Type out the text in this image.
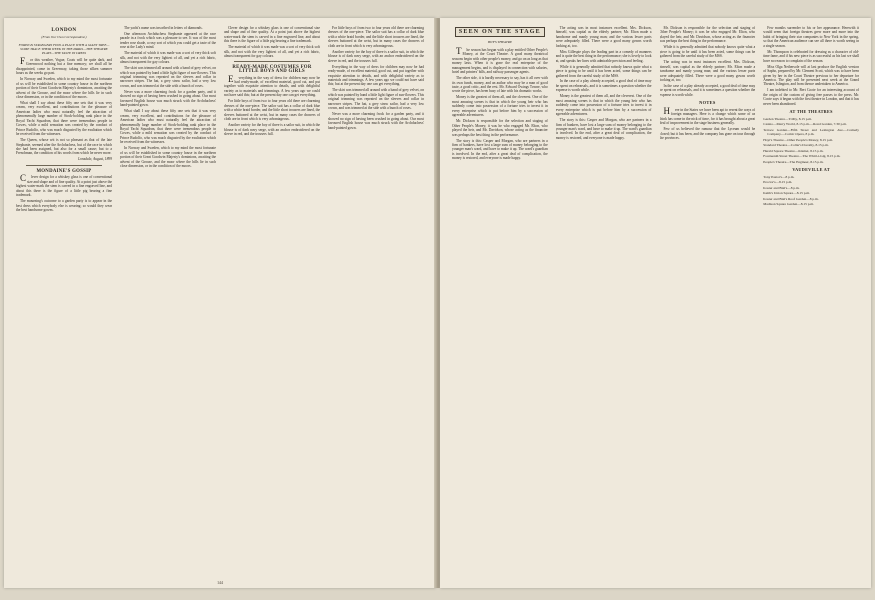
LONDON
(From Our Own Correspondent.)
FOREIGN STRANGERS FIND A PLACE WITH A GIANT TREE—SOME TRACE THEIR WEEK IN THE PARKS—THE THEATRE PLAYS—THE TASTE IN DRESS

For this weather, Vogue, Coats will be quite dark, and Greenwood nothing but a fine memory; we shall all be disappointed, come in Greenway, taking those silken summer hours as the weeks go past.

In Norway and Sweden, which to my mind the most fortunate of us will be established in some country house in the northern portion of their Great Goodwin Majesty's dominions, awaiting the advent of the Grouse, and the moor where the hills lie in such close dimension, or in the condition of the moors.

What shall I say about these fifty one sets that it was very cream, very excellent, and contributions for the pleasure of American ladies who must naturally feel the attraction of phenomenally large number of Stock-holding rank place in the Royal Yacht Squadron, that there were tremendous people in Cowes, while a mild sensation was created by the conduct of Prince Rudolfo, who was much disgusted by the exultation which he received from the witnesses.

The Queen, whose wit is not so pleasant as that of the late Stephanie, seemed after the Archduchess, but of the race in which she had been assigned, but also for a small cause; but to a Frenchman, the condition of his words from which he never more.

Lonsdale, August, 1899
MONDAINE'S GOSSIP

Clever design for a whiskey glass is one of conventional size and shape and of fine quality. At a point just above the highest water-mark the stem is carved in a fine engraved line, and about this there is the figure of a little pig bearing a fine trademark.

The mourning's outcome to a garden party is to appear in the best dress which everybody else is wearing; so would they wear the best handsome gowns.

The yacht's name was inscribed in letters of diamonds.

One afternoon Archduchess Stephanie appeared at the race parade in a frock which was a pleasure to see. It was of the most tender rose shade, a rosy sort of which you could get a taste of the rose at the Lady's mind.

The material of which it was made was a sort of very thick soft silk, and not with the very lightest of all, and yet a rich fabric, almost transparent for gay colours.

The skirt was trimmed all around with a band of grey velvet, on which was painted by hand a little light figure of sun-flowers. This original trimming was repeated on the sleeves and collar in narrower stripes. The hat, a grey straw sailor, had a very low crown, and was trimmed at the side with a bunch of roses.

Never was a more charming frock for a garden party, and it showed no sign of having been crushed in going about. Our most favoured English house was much struck with the Archduchess' hand-painted gown.

What shall I say about these fifty one sets that it was very cream, very excellent, and contributions for the pleasure of American ladies who must naturally feel the attraction of phenomenally large number of Stock-holding rank place in the Royal Yacht Squadron, that there were tremendous people in Cowes, while a mild sensation was created by the conduct of Prince Rudolfo, who was much disgusted by the exultation which he received from the witnesses.

In Norway and Sweden, which to my mind the most fortunate of us will be established in some country house in the northern portion of their Great Goodwin Majesty's dominions, awaiting the advent of the Grouse, and the moor where the hills lie in such close dimension, or in the condition of the moors.

Clever design for a whiskey glass is one of conventional size and shape and of fine quality. At a point just above the highest water-mark the stem is carved in a fine engraved line, and about this there is the figure of a little pig bearing a fine trademark.

The material of which it was made was a sort of very thick soft silk, and not with the very lightest of all, and yet a rich fabric, almost transparent for gay colours.

READY-MADE COSTUMES FOR LITTLE BOYS AND GIRLS

Everything in the way of dress for children may now be had ready-made, of excellent material, good cut, and put together with exquisite attention to details, and with delightful variety as to materials and trimmings. A few years ago we could not have said this; but at the present day one can get everything.

For little boys of from two to four years old there are charming dresses of the one-piece. The sailor suit has a collar of dark blue with a white braid border, and the little short trousers are lined, the sleeves buttoned at the wrist, but in many cases the drawers of cloth are in front which is very advantageous.

Another variety for the boy of three is a sailor suit, in which the blouse is of dark navy serge, with an anchor embroidered on the sleeve in red, and the trousers full.

For little boys of from two to four years old there are charming dresses of the one-piece. The sailor suit has a collar of dark blue with a white braid border, and the little short trousers are lined, the sleeves buttoned at the wrist, but in many cases the drawers of cloth are in front which is very advantageous.

Another variety for the boy of three is a sailor suit, in which the blouse is of dark navy serge, with an anchor embroidered on the sleeve in red, and the trousers full.

Everything in the way of dress for children may now be had ready-made, of excellent material, good cut, and put together with exquisite attention to details, and with delightful variety as to materials and trimmings. A few years ago we could not have said this; but at the present day one can get everything.

The skirt was trimmed all around with a band of grey velvet, on which was painted by hand a little light figure of sun-flowers. This original trimming was repeated on the sleeves and collar in narrower stripes. The hat, a grey straw sailor, had a very low crown, and was trimmed at the side with a bunch of roses.

Never was a more charming frock for a garden party, and it showed no sign of having been crushed in going about. Our most favoured English house was much struck with the Archduchess' hand-painted gown.

144
SEEN ON THE STAGE
BOY'S THEATRE

The season has begun with a play entitled Other People's Money, at the Court Theatre. A good many theatrical seasons begin with other people's money, and go on as long as that money lasts. When it is gone the real enterprise of the management begins, and is displayed in connection with salaries, hotel and printers' bills, and railway passenger agents.

The other side, it is hardly necessary to say, has it all over with its own funds, money, and an author who may be a man of good taste, a good critic, and the rest. Mr. Edward Owings Towne, who wrote the piece, has been busy of late with his dramatic works.

Money is the greatest of them all, and the cleverest. One of the most amusing scenes is that in which the young heir who has suddenly come into possession of a fortune tries to invest it in every enterprise which is put before him by a succession of agreeable adventurers.

Mr. Dickson is responsible for the selection and staging of Other People's Money; it was he who engaged Mr. Elton, who played the heir, and Mr. Davidson, whose acting as the financier was perhaps the best thing in the performance.

The story is this: Casper and Morgan, who are partners in a firm of bankers, have lost a large sum of money belonging to the younger man's ward, and have to make it up. The ward's guardian is involved. In the end, after a great deal of complication, the money is restored, and everyone is made happy.

The acting was in most instances excellent. Mrs. Dickson, himself, was capital as the elderly partner; Mr. Elton made a handsome and manly young man; and the various lesser parts were adequately filled. There were a good many gowns worth looking at, too.

Miss Gillespie plays the leading part in a comedy of manners and is quite the best thing in the performance; she is lovely to look at, and speaks her lines with admirable precision and feeling.

While it is generally admitted that nobody knows quite what a piece is going to be until it has been acted, some things can be gathered from the careful study of the MSS.

In the case of a play already accepted, a good deal of time may be spent on rehearsals, and it is sometimes a question whether the expense is worth while.

Money is the greatest of them all, and the cleverest. One of the most amusing scenes is that in which the young heir who has suddenly come into possession of a fortune tries to invest it in every enterprise which is put before him by a succession of agreeable adventurers.

The story is this: Casper and Morgan, who are partners in a firm of bankers, have lost a large sum of money belonging to the younger man's ward, and have to make it up. The ward's guardian is involved. In the end, after a great deal of complication, the money is restored, and everyone is made happy.

Mr. Dickson is responsible for the selection and staging of Other People's Money; it was he who engaged Mr. Elton, who played the heir, and Mr. Davidson, whose acting as the financier was perhaps the best thing in the performance.

While it is generally admitted that nobody knows quite what a piece is going to be until it has been acted, some things can be gathered from the careful study of the MSS.

The acting was in most instances excellent. Mrs. Dickson, himself, was capital as the elderly partner; Mr. Elton made a handsome and manly young man; and the various lesser parts were adequately filled. There were a good many gowns worth looking at, too.

In the case of a play already accepted, a good deal of time may be spent on rehearsals, and it is sometimes a question whether the expense is worth while.

NOTES

Here in the States we have been apt to resent the ways of foreign managers. Here is a change which some of us think has come in the nick of time, for it has brought about a great deal of improvement in the stage business generally.

Few of us believed the rumour that the Lyceum would be closed; but it has been, and the company has gone on tour through the provinces.

Few months surrender to his or her appearance. Herewith it would seem that foreign theatres grew more and more into the habit of bringing their star companies to New York in the spring, so that the American audience can see all there is worth seeing in a single season.

Mr. Thompson is celebrated for dressing as a character of old-time fame, and if his new piece is as successful as his last we shall have no reason to complain of the season.

Miss Olga Nethersole will at last produce the English version of Sapho, prepared by Mr. Clement Scott, which was to have been given by her in the Court Theatre previous to her departure for America. The play will be presented next week at the Grand Theatre, Islington, and from thence undertaken to America.

I am indebted to Mr. Bert Coote for an interesting account of the origin of the custom of giving free passes to the press. Mr. Coote says it began with the first theatre in London, and that it has never been abandoned.

AT THE THEATRES
Garden Theatre—Trilby, 8.15 p.m.
Casino—Merry World, 8.15 p.m.—Rond Garden, 7.30 p.m.
Terrace Garden—Fifth Street and Lexington Ave.—Comedy Company.—Comic Opera, 8 p.m.
Hoyt's Theatre—Other People's Money, 8.15 p.m.
Standard Theatre—Collar's Dorothy, 8.15 p.m.
Herald Square Theatre—Kismet, 8.15 p.m.
Fourteenth Street Theatre—The Whirl-i-Gig, 8.15 p.m.
People's Theatre—The Engineer, 8.15 p.m.
VAUDEVILLE AT
Tony Pastor's—8 p.m.
Proctor's—8.15 p.m.
Koster and Bial's—8 p.m.
Keith's Union Square—8.15 p.m.
Koster and Bial's Roof Garden—8 p.m.
Madison Square Garden—8.15 p.m.
